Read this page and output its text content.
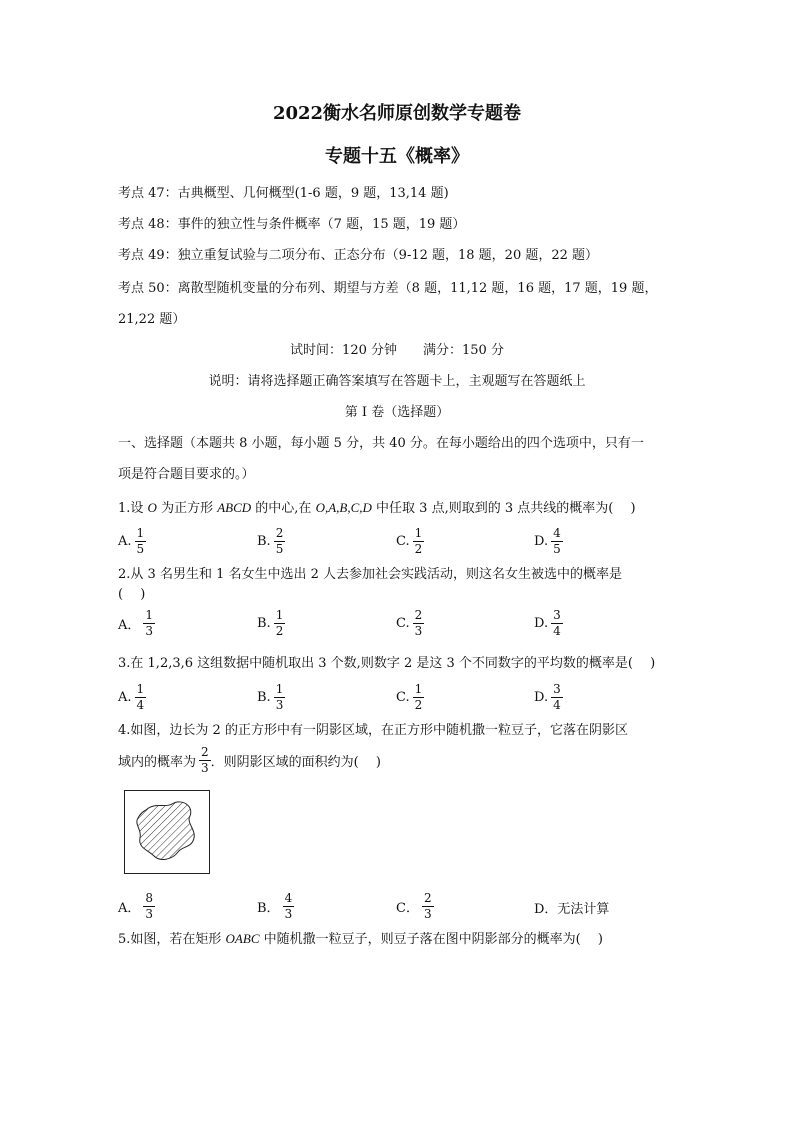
2022衡水名师原创数学专题卷
专题十五《概率》
考点 47：古典概型、几何概型(1-6 题，9 题，13,14 题)
考点 48：事件的独立性与条件概率（7 题，15 题，19 题）
考点 49：独立重复试验与二项分布、正态分布（9-12 题，18 题，20 题，22 题）
考点 50：离散型随机变量的分布列、期望与方差（8 题，11,12 题，16 题，17 题，19 题，
21,22 题）
试时间：120 分钟　　满分：150 分
说明：请将选择题正确答案填写在答题卡上，主观题写在答题纸上
第 I 卷（选择题）
一、选择题（本题共 8 小题，每小题 5 分，共 40 分。在每小题给出的四个选项中，只有一
项是符合题目要求的。）
1.设 O 为正方形 ABCD 的中心,在 O,A,B,C,D 中任取 3 点,则取到的 3 点共线的概率为(　 )
A. $\frac{1}{5}$	B. $\frac{2}{5}$	C. $\frac{1}{2}$	D. $\frac{4}{5}$
2.从 3 名男生和 1 名女生中选出 2 人去参加社会实践活动，则这名女生被选中的概率是
(　 )
A． $\frac{1}{3}$	B. $\frac{1}{2}$	C. $\frac{2}{3}$	D. $\frac{3}{4}$
3.在 1,2,3,6 这组数据中随机取出 3 个数,则数字 2 是这 3 个不同数字的平均数的概率是(　 )
A. $\frac{1}{4}$	B. $\frac{1}{3}$	C. $\frac{1}{2}$	D. $\frac{3}{4}$
4.如图，边长为 2 的正方形中有一阴影区域，在正方形中随机撒一粒豆子，它落在阴影区
域内的概率为 $\frac{2}{3}$ ．则阴影区域的面积约为(　 )
A． $\frac{8}{3}$	B． $\frac{4}{3}$	C． $\frac{2}{3}$	D．无法计算
5.如图，若在矩形 OABC 中随机撒一粒豆子，则豆子落在图中阴影部分的概率为(　 )
